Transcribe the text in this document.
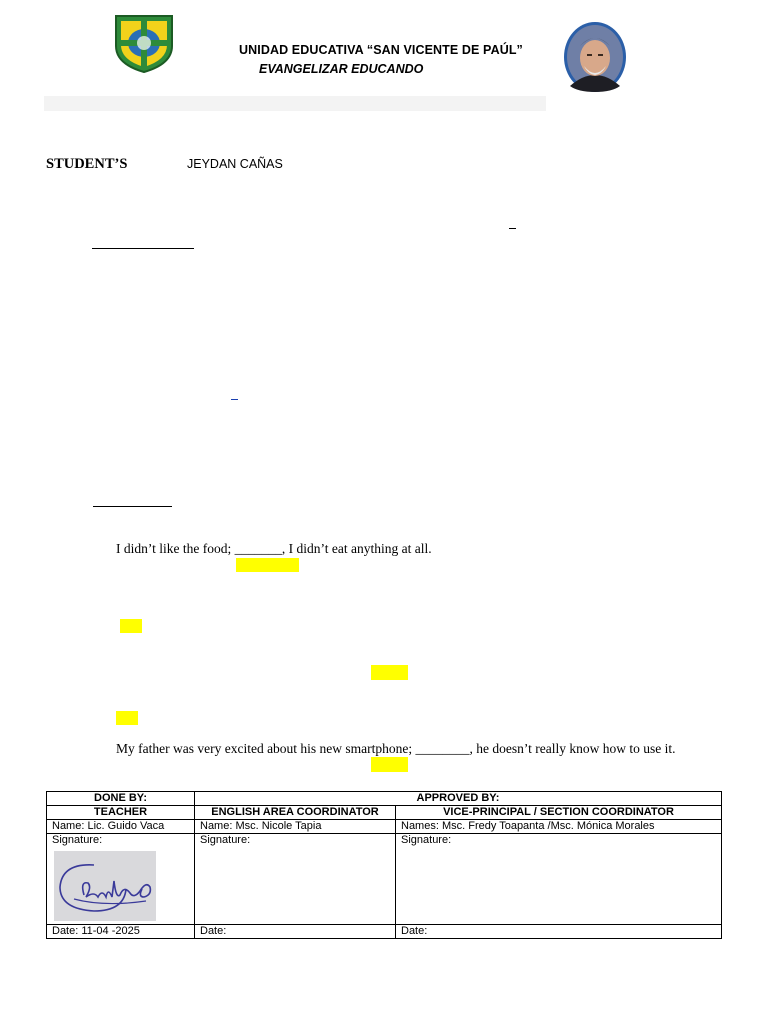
UNIDAD EDUCATIVA “SAN VICENTE DE PAÚL”
EVANGELIZAR EDUCANDO
STUDENT’S	JEYDAN CAÑAS
I didn’t like the food; _______, I didn’t eat anything at all.
My father was very excited about his new smartphone; ________, he doesn’t really know how to use it.
DONE BY:	APPROVED BY:	
TEACHER	ENGLISH AREA COORDINATOR	VICE-PRINCIPAL / SECTION COORDINATOR
Name: Lic. Guido Vaca	Name: Msc. Nicole Tapia	Names: Msc. Fredy Toapanta /Msc. Mónica Morales

Signature:	Signature:	Signature:

Date: 11-04 -2025	Date:	Date:
